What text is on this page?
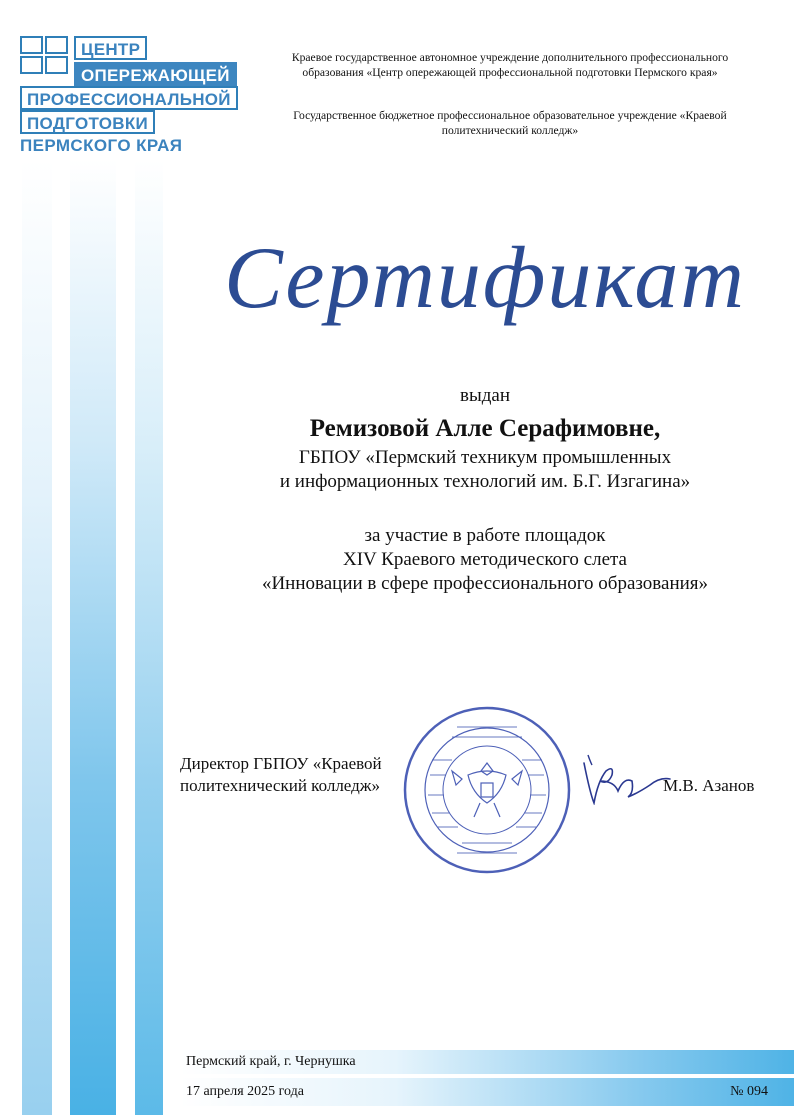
ЦЕНТР
ОПЕРЕЖАЮЩЕЙ
ПРОФЕССИОНАЛЬНОЙ
ПОДГОТОВКИ
ПЕРМСКОГО КРАЯ
Краевое государственное автономное учреждение дополнительного профессионального образования «Центр опережающей профессиональной подготовки Пермского края»
Государственное бюджетное профессиональное образовательное учреждение «Краевой политехнический колледж»
Сертификат
выдан
Ремизовой Алле Серафимовне,
ГБПОУ «Пермский техникум промышленных
и информационных технологий им. Б.Г. Изгагина»
за участие в работе площадок
XIV Краевого методического слета
«Инновации в сфере профессионального образования»
Директор ГБПОУ «Краевой
политехнический колледж»	М.В. Азанов
Пермский край, г. Чернушка
17 апреля 2025 года	№ 094
